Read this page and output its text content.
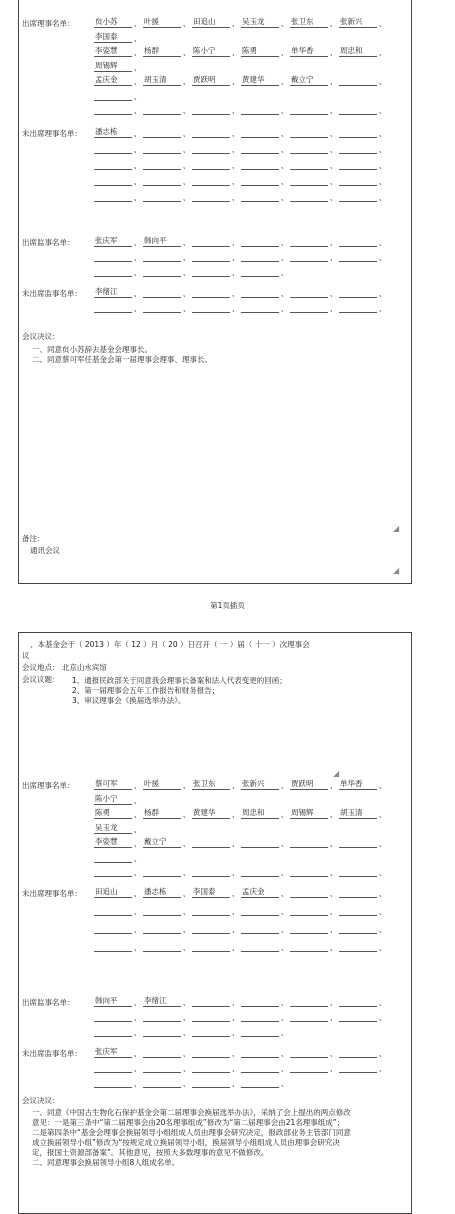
出席理事名单：	贠小苏	、 叶援	、 田追山	、 吴玉龙	、 张卫东	、 张新兴	、
李国泰	、
李姿慧	、 杨群	、 陈小宁	、 陈勇	、 单华香	、 周忠和	、
周锡辉	、
孟庆金	、 胡玉清	、 贾跃明	、 黄建华	、 戴立宁	、	、
、
、	、	、	、	、	、
未出席理事名单： 潘志栋	、	、	、	、	、	、
、	、	、	、	、	、
、	、	、	、	、	、
、	、	、	、	、	、
、	、	、	、	、	、
出席监事名单：	张庆军	、 韩向平	、	、	、	、	、
、	、	、	、	、	、
、	、	、	、
未出席监事名单： 李绪江	、	、	、	、	、	、
、	、	、	、	、	、
会议决议：
一、同意贠小苏辞去基金会理事长。
二、同意蔡可军任基金会第一届理事会理事、理事长。
◢
备注：
通讯会议
◢
第1页插页
、本基金会于（ 2013 ）年（ 12 ）月（ 20 ）日召开（ 一 ）届（ 十一 ）次理事会
议
会议地点： 北京山水宾馆
会议议题： 1、通报民政部关于同意我会理事长备案和法人代表变更的回函；
2、第一届理事会五年工作报告和财务报告；
3、审议理事会《换届选举办法》。
◢
出席理事名单：	蔡可军	、 叶援	、 张卫东	、 张新兴	、 贾跃明	、 单华香	、
陈小宁	、
陈勇	、 杨群	、 黄建华	、 周忠和	、 周锡辉	、 胡玉清	、
吴玉龙	、
李姿慧	、 戴立宁	、	、	、	、	、
、
、	、	、	、	、	、
未出席理事名单： 田追山	、 潘志栋	、 李国泰	、 孟庆金	、	、	、
、	、	、	、	、	、
、	、	、	、	、	、
、	、	、	、	、	、
出席监事名单：	韩向平	、 李绪江	、	、	、	、	、
、	、	、	、	、	、
、	、	、	、
未出席监事名单： 张庆军	、	、	、	、	、	、
、	、	、	、	、	、
、	、	、	、
会议决议：
一、同意《中国古生物化石保护基金会第二届理事会换届选举办法》，采纳了会上提出的两点修改
意见：一是第三条中“第二届理事会由20名理事组成”修改为“第二届理事会由21名理事组成”；
二是第四条中“基金会理事会换届领导小组组成人员由理事会研究决定，报政部业务主管部门同意
成立换届领导小组”修改为“按规定成立换届领导小组，换届领导小组组成人员由理事会研究决
定，报国土资源部备案”。其他意见，按照大多数理事的意见不做修改。
二、同意理事会换届领导小组8人组成名单。
